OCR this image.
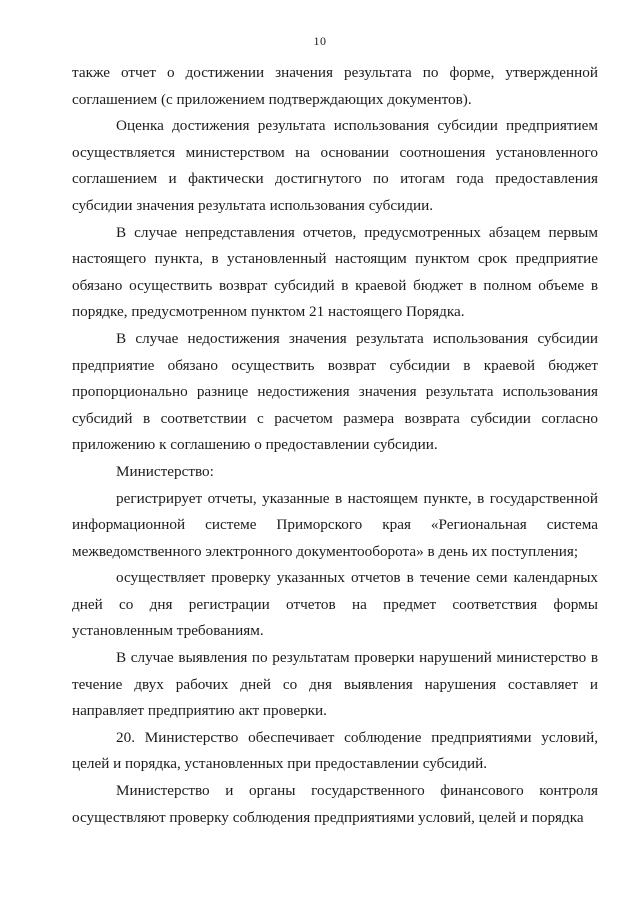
10

также отчет о достижении значения результата по форме, утвержденной соглашением (с приложением подтверждающих документов).

Оценка достижения результата использования субсидии предприятием осуществляется министерством на основании соотношения установленного соглашением и фактически достигнутого по итогам года предоставления субсидии значения результата использования субсидии.

В случае непредставления отчетов, предусмотренных абзацем первым настоящего пункта, в установленный настоящим пунктом срок предприятие обязано осуществить возврат субсидий в краевой бюджет в полном объеме в порядке, предусмотренном пунктом 21 настоящего Порядка.

В случае недостижения значения результата использования субсидии предприятие обязано осуществить возврат субсидии в краевой бюджет пропорционально разнице недостижения значения результата использования субсидий в соответствии с расчетом размера возврата субсидии согласно приложению к соглашению о предоставлении субсидии.

Министерство:

регистрирует отчеты, указанные в настоящем пункте, в государственной информационной системе Приморского края «Региональная система межведомственного электронного документооборота» в день их поступления;

осуществляет проверку указанных отчетов в течение семи календарных дней со дня регистрации отчетов на предмет соответствия формы установленным требованиям.

В случае выявления по результатам проверки нарушений министерство в течение двух рабочих дней со дня выявления нарушения составляет и направляет предприятию акт проверки.

20. Министерство обеспечивает соблюдение предприятиями условий, целей и порядка, установленных при предоставлении субсидий.

Министерство и органы государственного финансового контроля осуществляют проверку соблюдения предприятиями условий, целей и порядка
